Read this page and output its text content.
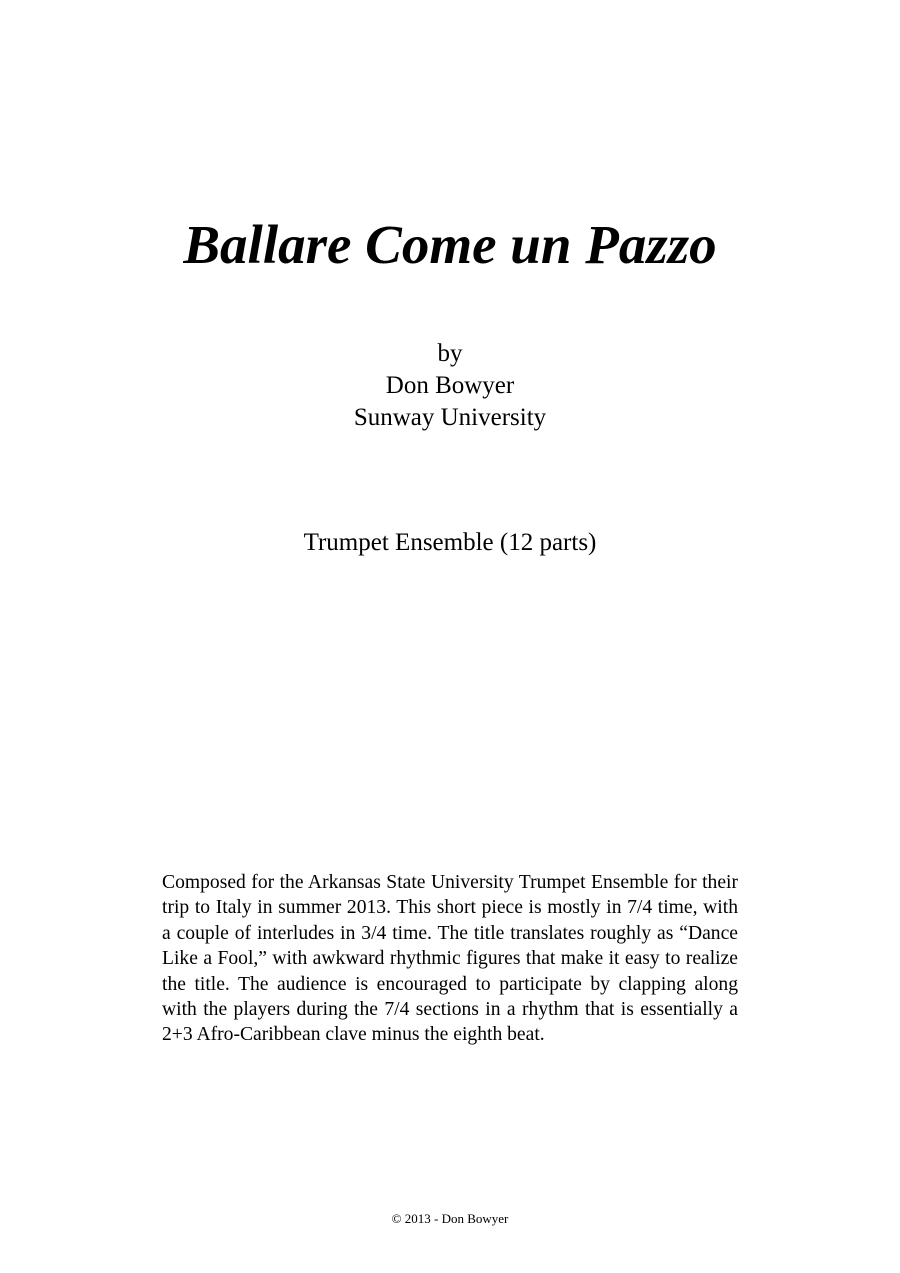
Ballare Come un Pazzo
by
Don Bowyer
Sunway University
Trumpet Ensemble (12 parts)
Composed for the Arkansas State University Trumpet Ensemble for their trip to Italy in summer 2013. This short piece is mostly in 7/4 time, with a couple of interludes in 3/4 time. The title translates roughly as “Dance Like a Fool,” with awkward rhythmic figures that make it easy to realize the title. The audience is encouraged to participate by clapping along with the players during the 7/4 sections in a rhythm that is essentially a 2+3 Afro-Caribbean clave minus the eighth beat.
© 2013 - Don Bowyer
